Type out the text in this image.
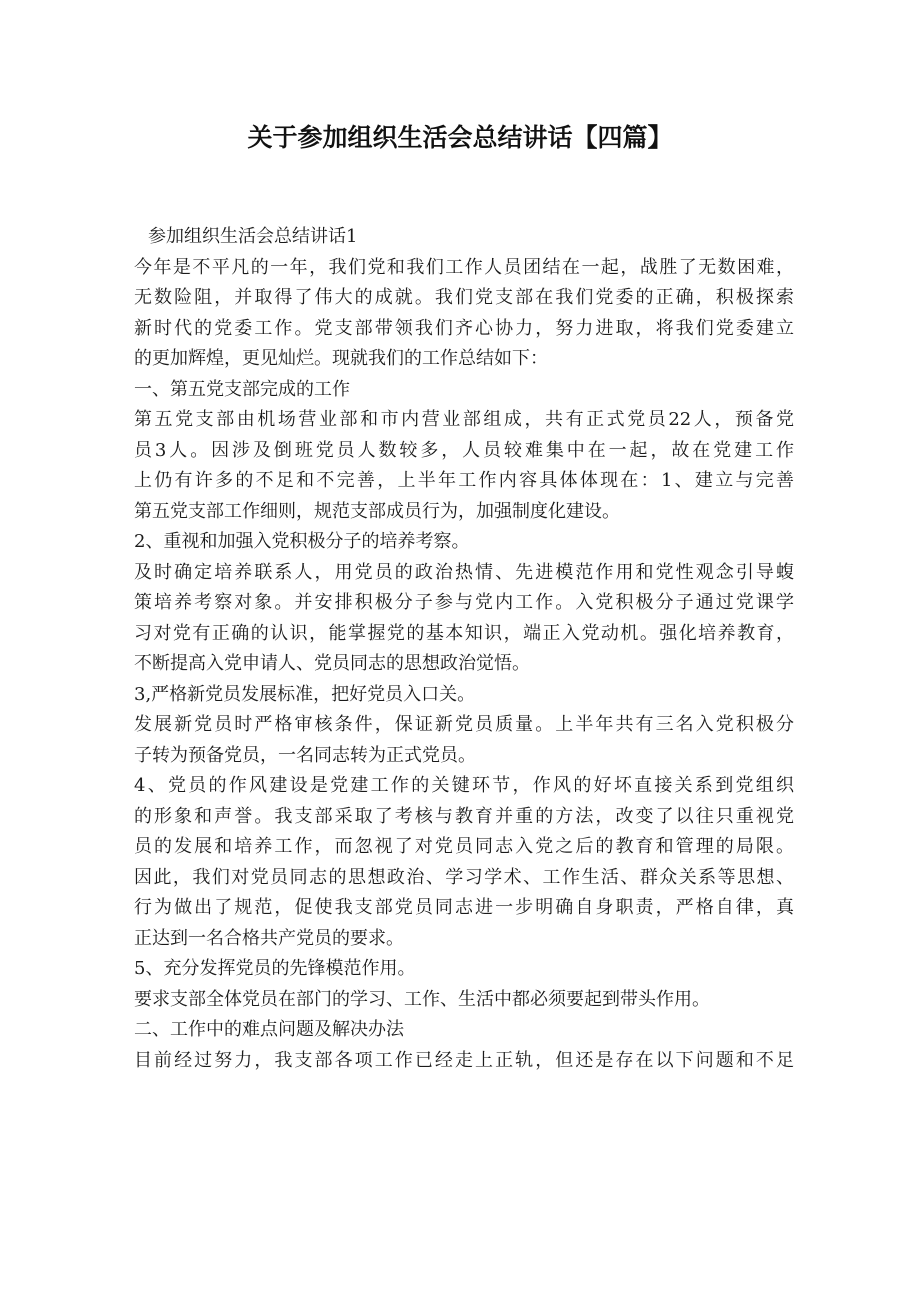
关于参加组织生活会总结讲话【四篇】
参加组织生活会总结讲话1
今年是不平凡的一年，我们党和我们工作人员团结在一起，战胜了无数困难，
无数险阻，并取得了伟大的成就。我们党支部在我们党委的正确，积极探索
新时代的党委工作。党支部带领我们齐心协力，努力进取，将我们党委建立
的更加辉煌，更见灿烂。现就我们的工作总结如下：
一、第五党支部完成的工作
第五党支部由机场营业部和市内营业部组成，共有正式党员22人，预备党
员3人。因涉及倒班党员人数较多，人员较难集中在一起，故在党建工作
上仍有许多的不足和不完善，上半年工作内容具体体现在：1、建立与完善
第五党支部工作细则，规范支部成员行为，加强制度化建设。
2、重视和加强入党积极分子的培养考察。
及时确定培养联系人，用党员的政治热情、先进模范作用和党性观念引导蝮
策培养考察对象。并安排积极分子参与党内工作。入党积极分子通过党课学
习对党有正确的认识，能掌握党的基本知识，端正入党动机。强化培养教育，
不断提高入党申请人、党员同志的思想政治觉悟。
3,严格新党员发展标准，把好党员入口关。
发展新党员时严格审核条件，保证新党员质量。上半年共有三名入党积极分
子转为预备党员，一名同志转为正式党员。
4、党员的作风建设是党建工作的关键环节，作风的好坏直接关系到党组织
的形象和声誉。我支部采取了考核与教育并重的方法，改变了以往只重视党
员的发展和培养工作，而忽视了对党员同志入党之后的教育和管理的局限。
因此，我们对党员同志的思想政治、学习学术、工作生活、群众关系等思想、
行为做出了规范，促使我支部党员同志进一步明确自身职责，严格自律，真
正达到一名合格共产党员的要求。
5、充分发挥党员的先锋模范作用。
要求支部全体党员在部门的学习、工作、生活中都必须要起到带头作用。
二、工作中的难点问题及解决办法
目前经过努力，我支部各项工作已经走上正轨，但还是存在以下问题和不足
